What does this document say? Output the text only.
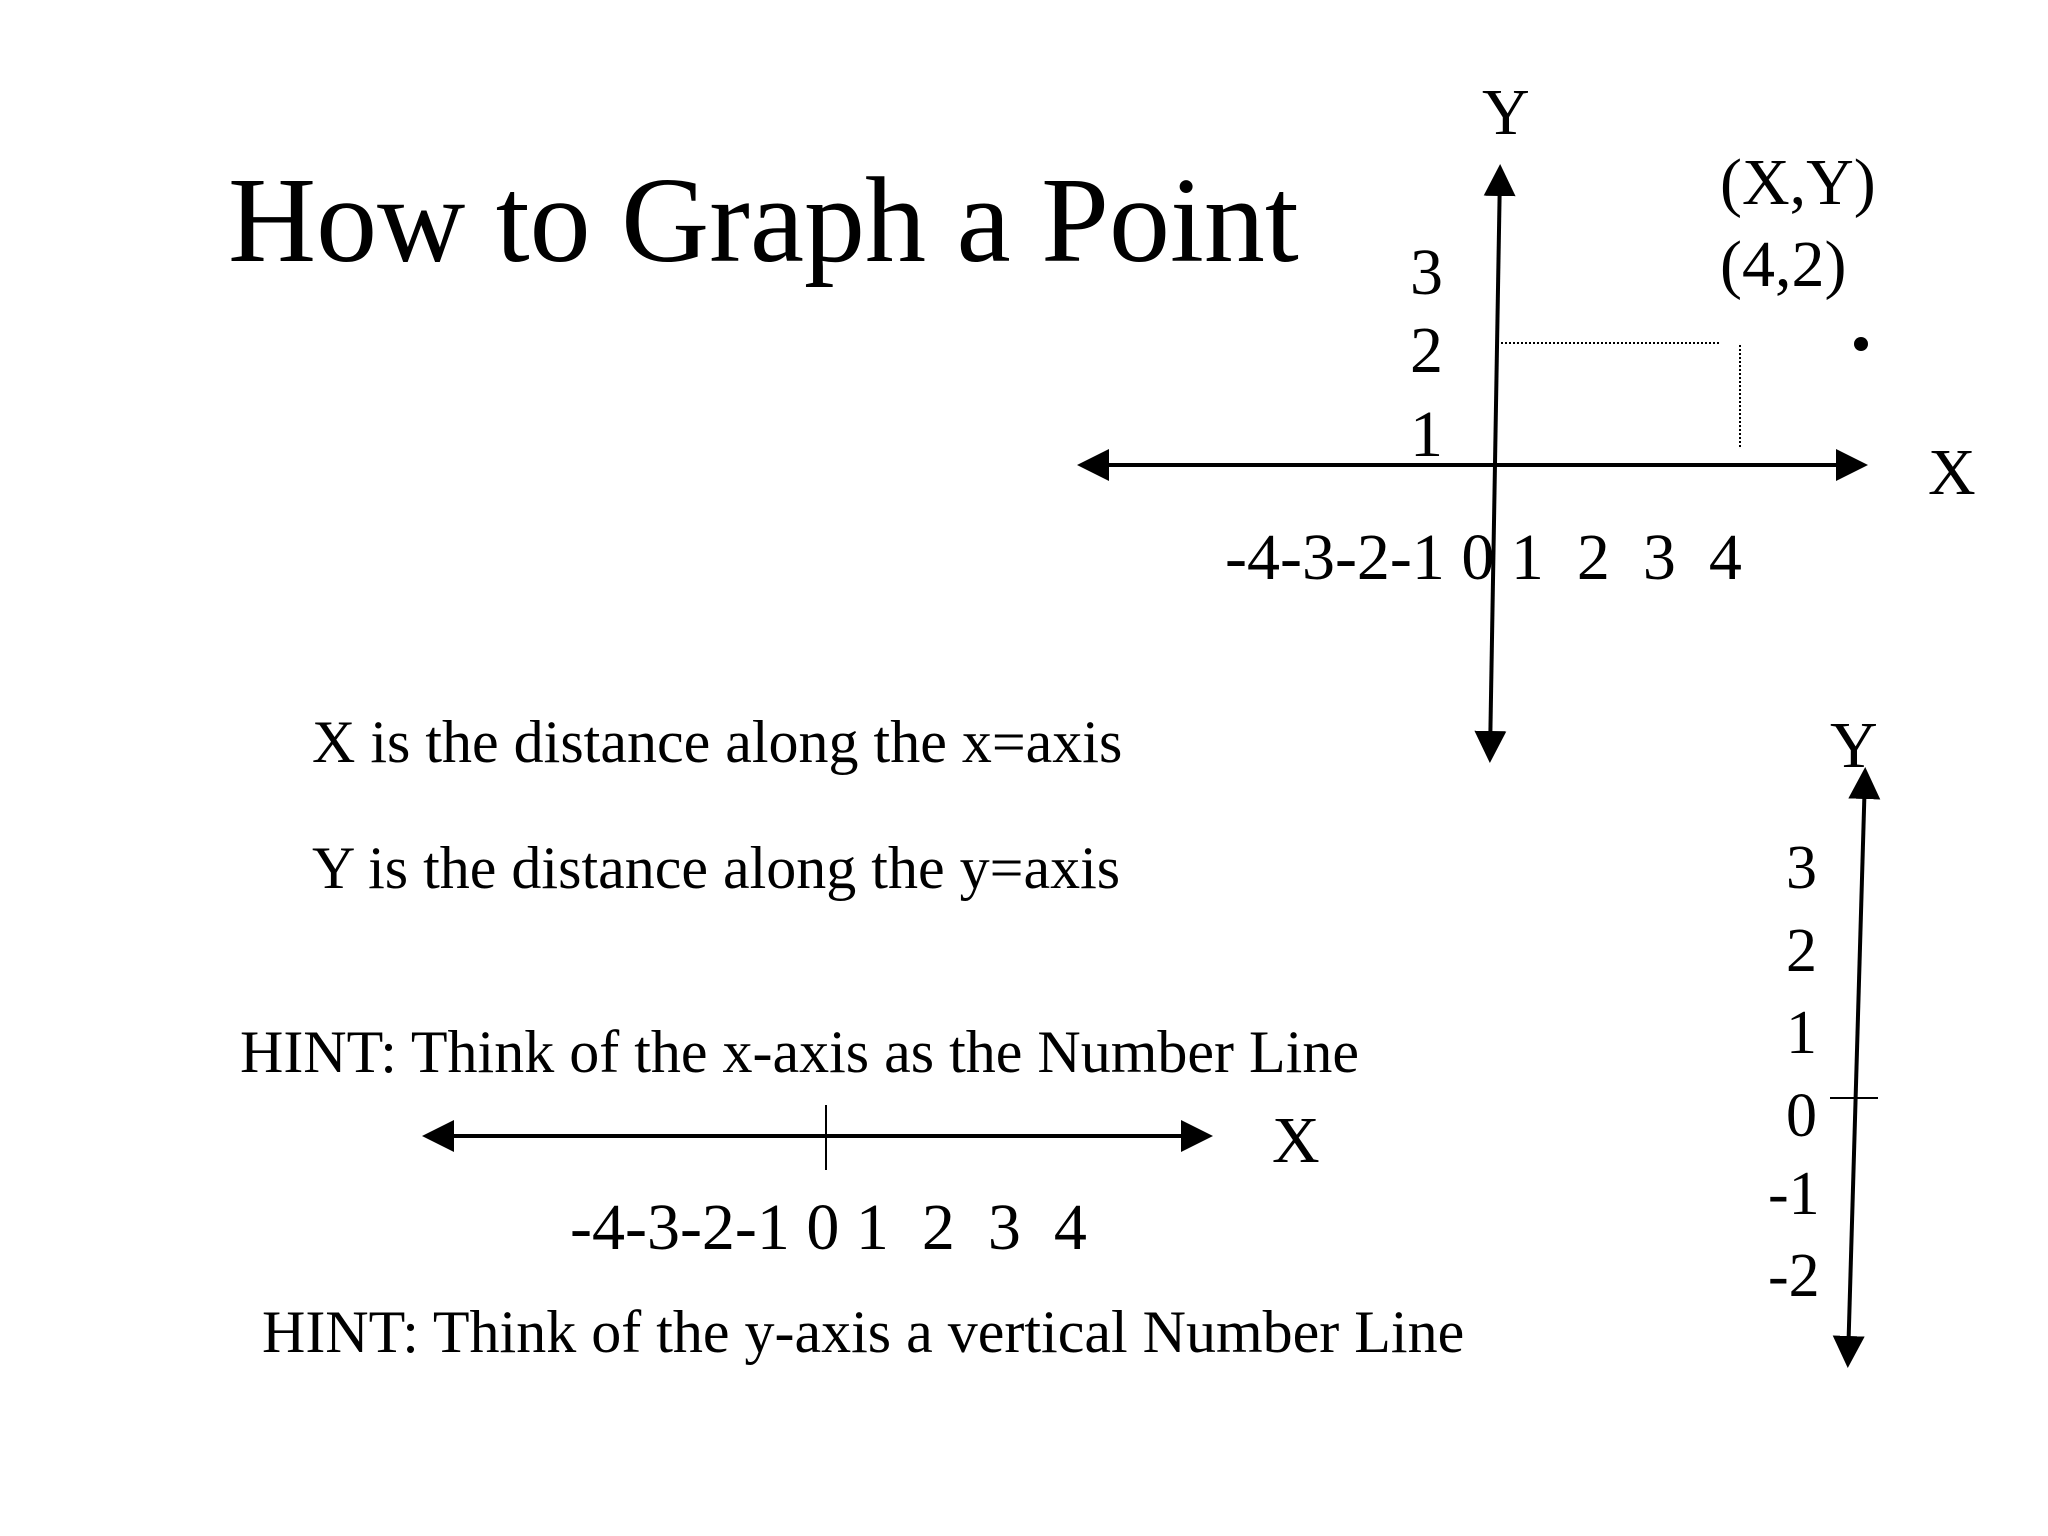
How to Graph a Point
X is the distance along the x=axis
Y is the distance along the y=axis
HINT: Think of the x-axis as the Number Line
HINT: Think of the y-axis a vertical Number Line
Y
X
(X,Y)
(4,2)
-4-3-2-1 0 1  2  3  4
3
2
1
X
-4-3-2-1 0 1  2  3  4
Y
3
2
1
0
-1
-2
